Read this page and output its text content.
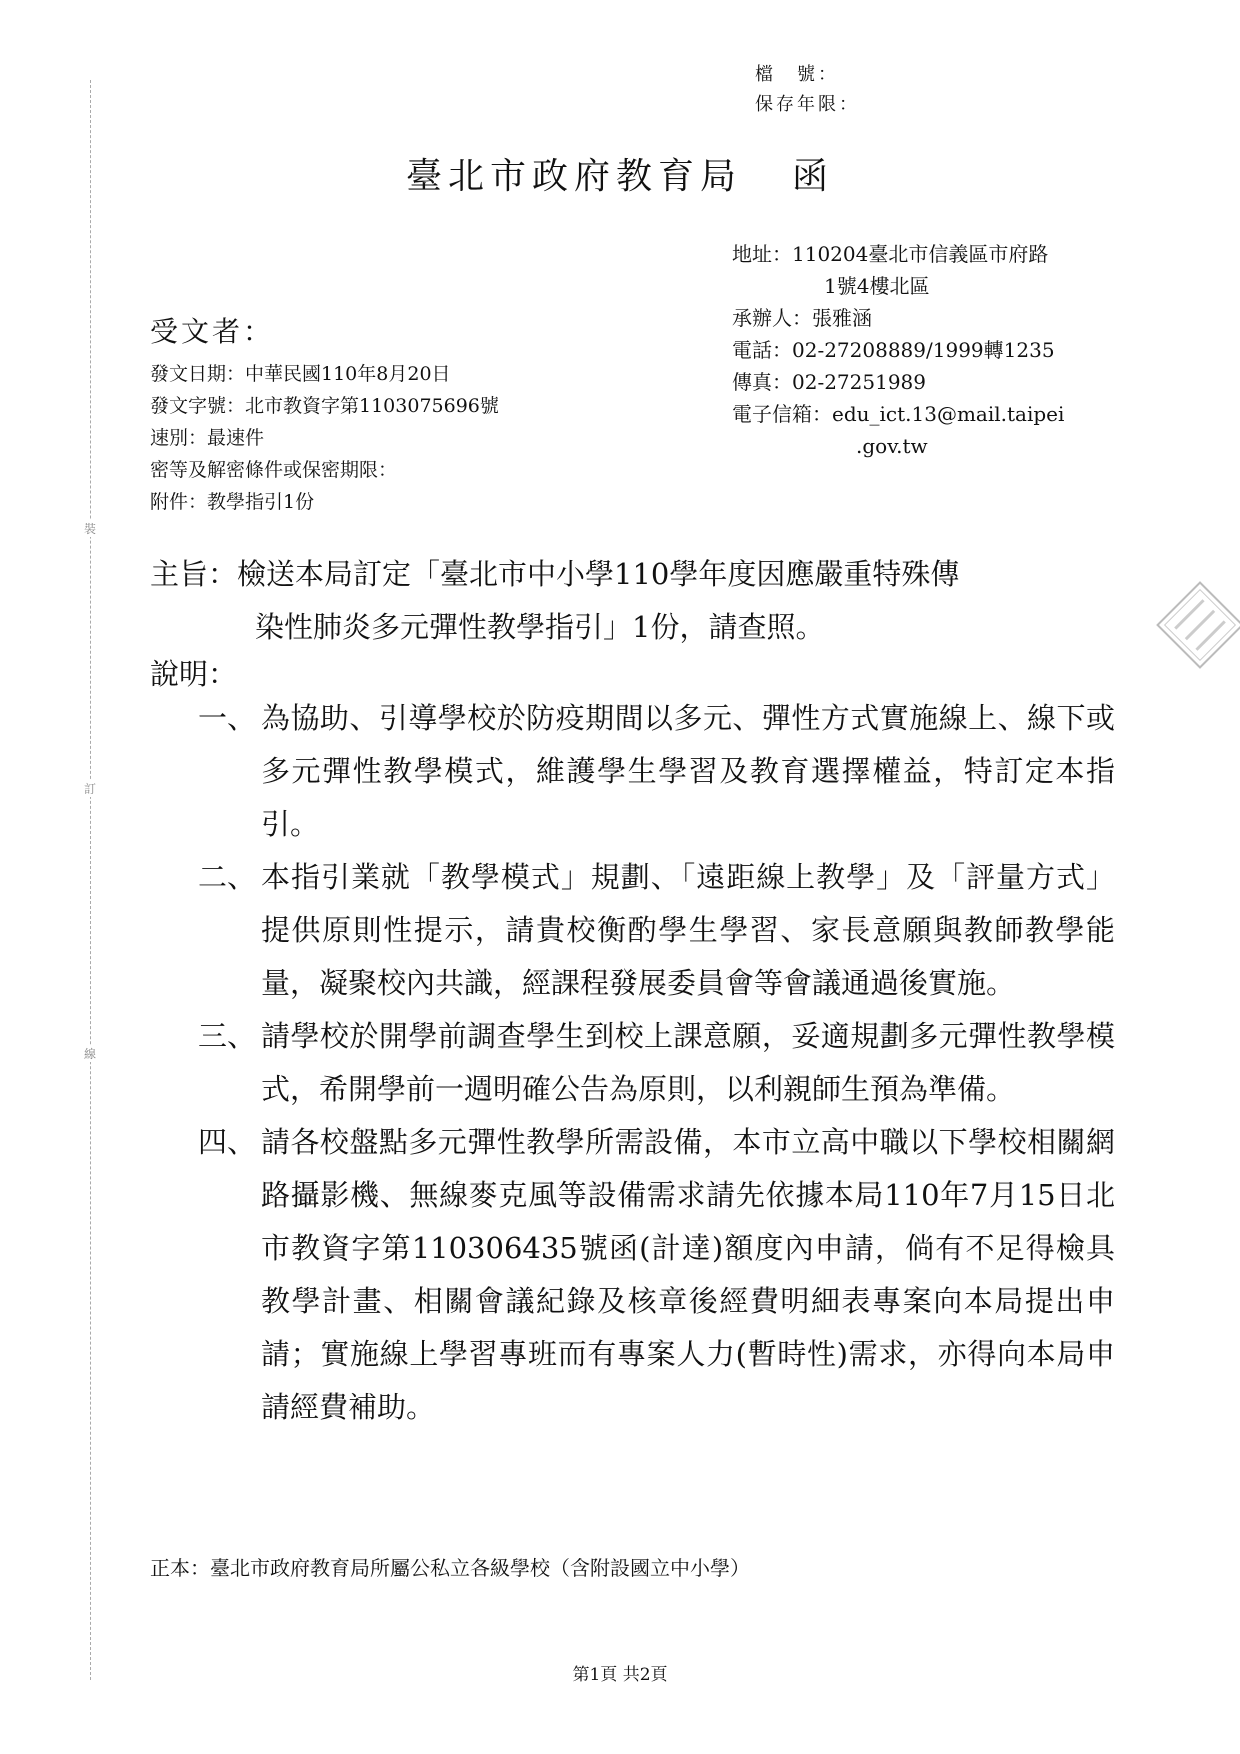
裝
訂
線
檔　號：
保存年限：
臺北市政府教育局 函
地址：110204臺北市信義區市府路
1號4樓北區
承辦人：張雅涵
電話：02-27208889/1999轉1235
傳真：02-27251989
電子信箱：edu_ict.13@mail.taipei
.gov.tw
受文者：
發文日期：中華民國110年8月20日
發文字號：北市教資字第1103075696號
速別：最速件
密等及解密條件或保密期限：
附件：教學指引1份
主旨：檢送本局訂定「臺北市中小學110學年度因應嚴重特殊傳
染性肺炎多元彈性教學指引」1份，請查照。
說明：
一、 為協助、引導學校於防疫期間以多元、彈性方式實施線上、線下或多元彈性教學模式，維護學生學習及教育選擇權益，特訂定本指引。
二、 本指引業就「教學模式」規劃、「遠距線上教學」及「評量方式」提供原則性提示，請貴校衡酌學生學習、家長意願與教師教學能量，凝聚校內共識，經課程發展委員會等會議通過後實施。
三、 請學校於開學前調查學生到校上課意願，妥適規劃多元彈性教學模式，希開學前一週明確公告為原則，以利親師生預為準備。
四、 請各校盤點多元彈性教學所需設備，本市立高中職以下學校相關網路攝影機、無線麥克風等設備需求請先依據本局110年7月15日北市教資字第110306435號函(計達)額度內申請，倘有不足得檢具教學計畫、相關會議紀錄及核章後經費明細表專案向本局提出申請；實施線上學習專班而有專案人力(暫時性)需求，亦得向本局申請經費補助。
正本：臺北市政府教育局所屬公私立各級學校（含附設國立中小學）
第1頁 共2頁
